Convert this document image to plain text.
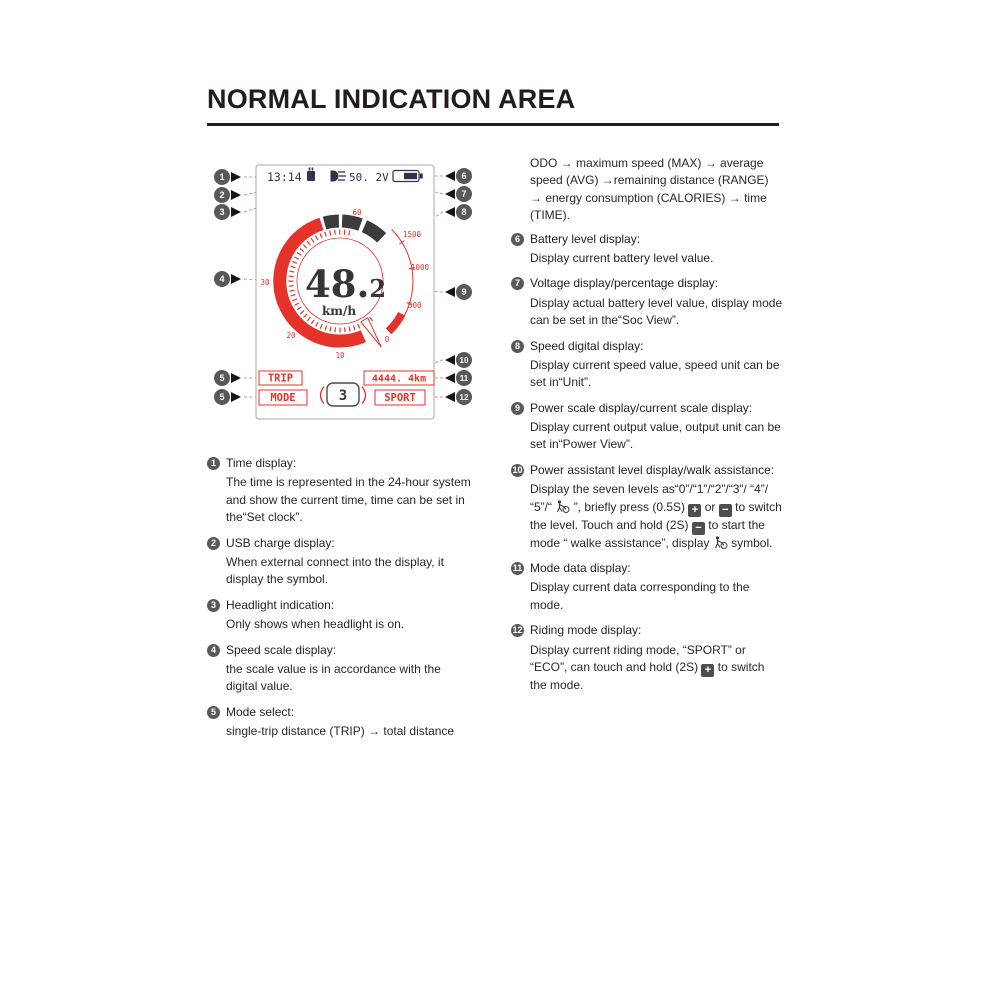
NORMAL INDICATION AREA
13:14	50. 2V
0
10
20
30
60
500
1000
1500
48.2
km/h
TRIP	4444. 4km
MODE	SPORT
3
1
2
3
4
5
5
6
7
8
9
10
11
12
1 Time display:
The time is represented in the 24-hour system and show the current time, time can be set in the“Set clock”.
2 USB charge display:
When external connect into the display, it display the symbol.
3 Headlight indication:
Only shows when headlight is on.
4 Speed scale display:
the scale value is in accordance with the digital value.
5 Mode select:
single-trip distance (TRIP) → total distance
ODO → maximum speed (MAX) → average speed (AVG) →remaining distance (RANGE) → energy consumption (CALORIES) → time (TIME).
6 Battery level display:
Display current battery level value.
7 Voltage display/percentage display:
Display actual battery level value, display mode can be set in the“Soc View”.
8 Speed digital display:
Display current speed value, speed unit can be set in“Unit”.
9 Power scale display/current scale display:
Display current output value, output unit can be set in“Power View”.
10 Power assistant level display/walk assistance:
Display the seven levels as“0”/“1”/“2”/“3”/ “4”/ “5”/“ ”, briefly press (0.5S) + or − to switch the level. Touch and hold (2S) − to start the mode “ walke assistance”, display symbol.
11 Mode data display:
Display current data corresponding to the mode.
12 Riding mode display:
Display current riding mode, “SPORT” or “ECO”, can touch and hold (2S) + to switch the mode.
